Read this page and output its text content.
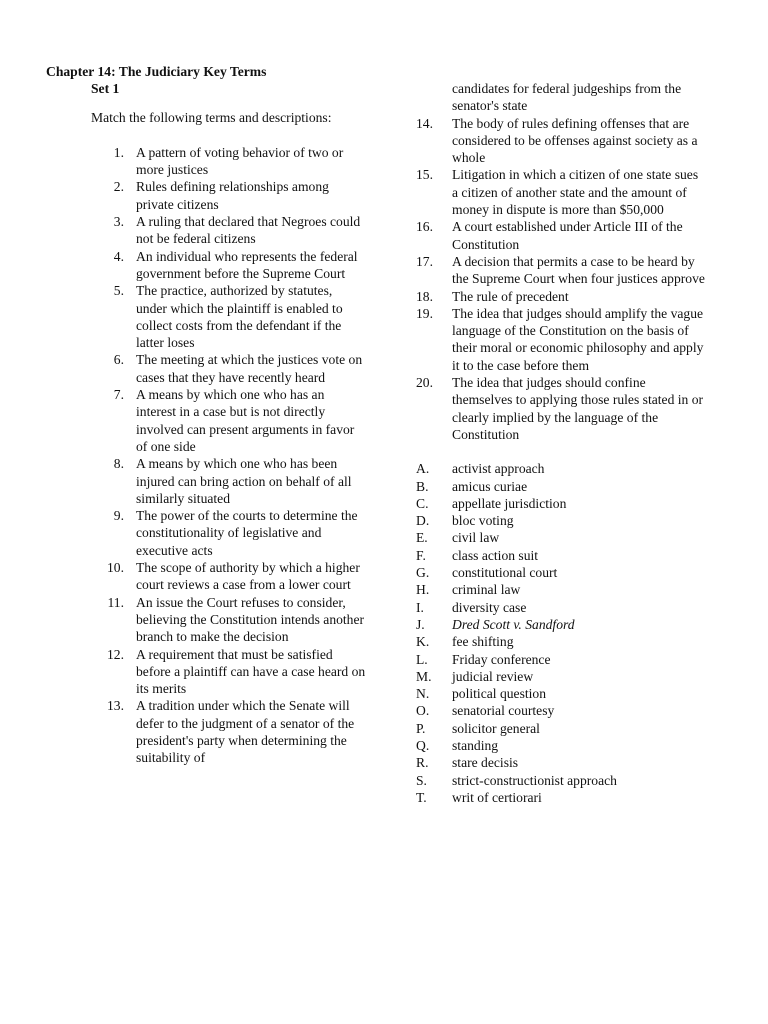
Chapter 14: The Judiciary Key Terms

Set 1

Match the following terms and descriptions:

1. A pattern of voting behavior of two or more justices
2. Rules defining relationships among private citizens
3. A ruling that declared that Negroes could not be federal citizens
4. An individual who represents the federal government before the Supreme Court
5. The practice, authorized by statutes, under which the plaintiff is enabled to collect costs from the defendant if the latter loses
6. The meeting at which the justices vote on cases that they have recently heard
7. A means by which one who has an interest in a case but is not directly involved can present arguments in favor of one side
8. A means by which one who has been injured can bring action on behalf of all similarly situated
9. The power of the courts to determine the constitutionality of legislative and executive acts
10. The scope of authority by which a higher court reviews a case from a lower court
11. An issue the Court refuses to consider, believing the Constitution intends another branch to make the decision
12. A requirement that must be satisfied before a plaintiff can have a case heard on its merits
13. A tradition under which the Senate will defer to the judgment of a senator of the president's party when determining the suitability of
candidates for federal judgeships from the senator's state
14.	The body of rules defining offenses that are considered to be offenses against society as a whole
15.	Litigation in which a citizen of one state sues a citizen of another state and the amount of money in dispute is more than $50,000
16.	A court established under Article III of the Constitution
17.	A decision that permits a case to be heard by the Supreme Court when four justices approve
18.	The rule of precedent
19.	The idea that judges should amplify the vague language of the Constitution on the basis of their moral or economic philosophy and apply it to the case before them
20.	The idea that judges should confine themselves to applying those rules stated in or clearly implied by the language of the Constitution
A.	activist approach
B.	amicus curiae
C.	appellate jurisdiction
D.	bloc voting
E.	civil law
F.	class action suit
G.	constitutional court
H.	criminal law
I.	diversity case
J.	Dred Scott v. Sandford
K.	fee shifting
L.	Friday conference
M.	judicial review
N.	political question
O.	senatorial courtesy
P.	solicitor general
Q.	standing
R.	stare decisis
S.	strict-constructionist approach
T.	writ of certiorari
